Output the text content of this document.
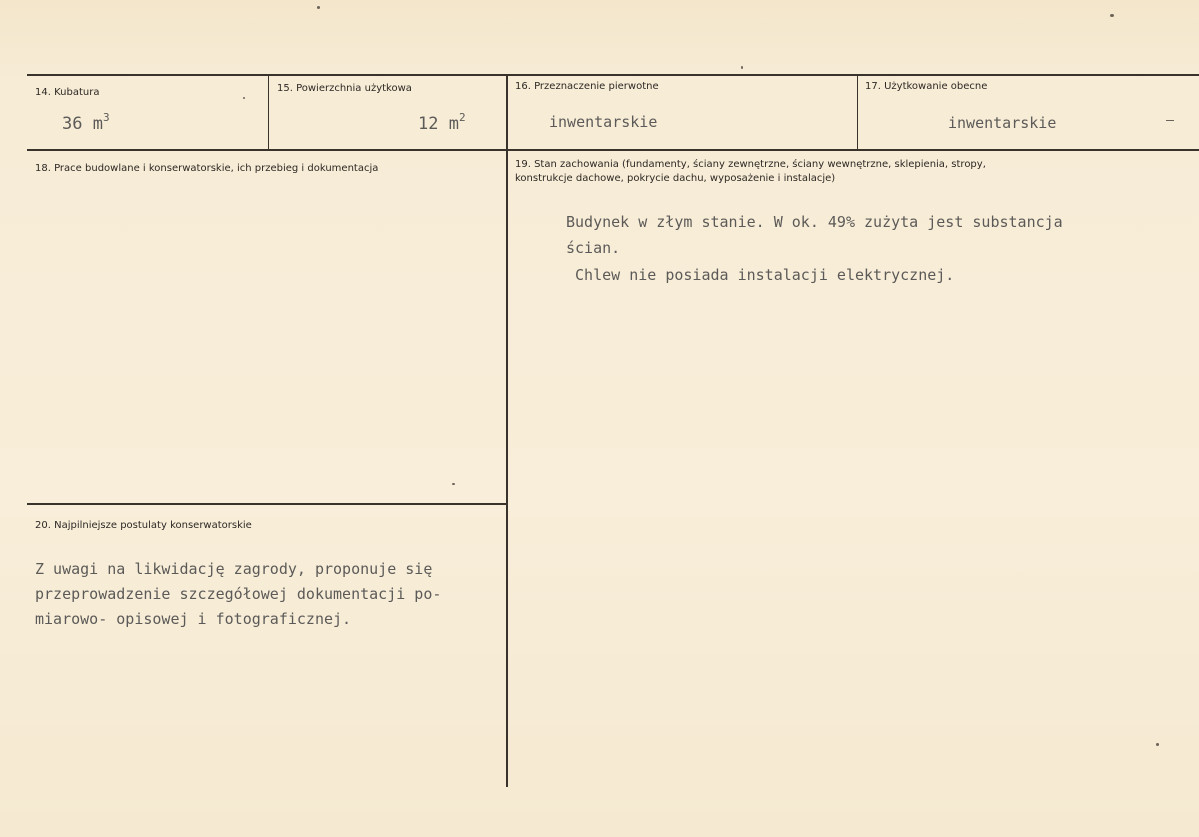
14. Kubatura
36 $m^3$
15. Powierzchnia użytkowa
12 $m^2$
16. Przeznaczenie pierwotne
inwentarskie
17. Użytkowanie obecne
inwentarskie
18. Prace budowlane i konserwatorskie, ich przebieg i dokumentacja	19. Stan zachowania (fundamenty, ściany zewnętrzne, ściany wewnętrzne, sklepienia, stropy, konstrukcje dachowe, pokrycie dachu, wyposażenie i instalacje)
Budynek w złym stanie. W ok. 49% zużyta jest substancja
ścian.
Chlew nie posiada instalacji elektrycznej.
20. Najpilniejsze postulaty konserwatorskie
Z uwagi na likwidację zagrody, proponuje się
przeprowadzenie szczegółowej dokumentacji po-
miarowo- opisowej i fotograficznej.
